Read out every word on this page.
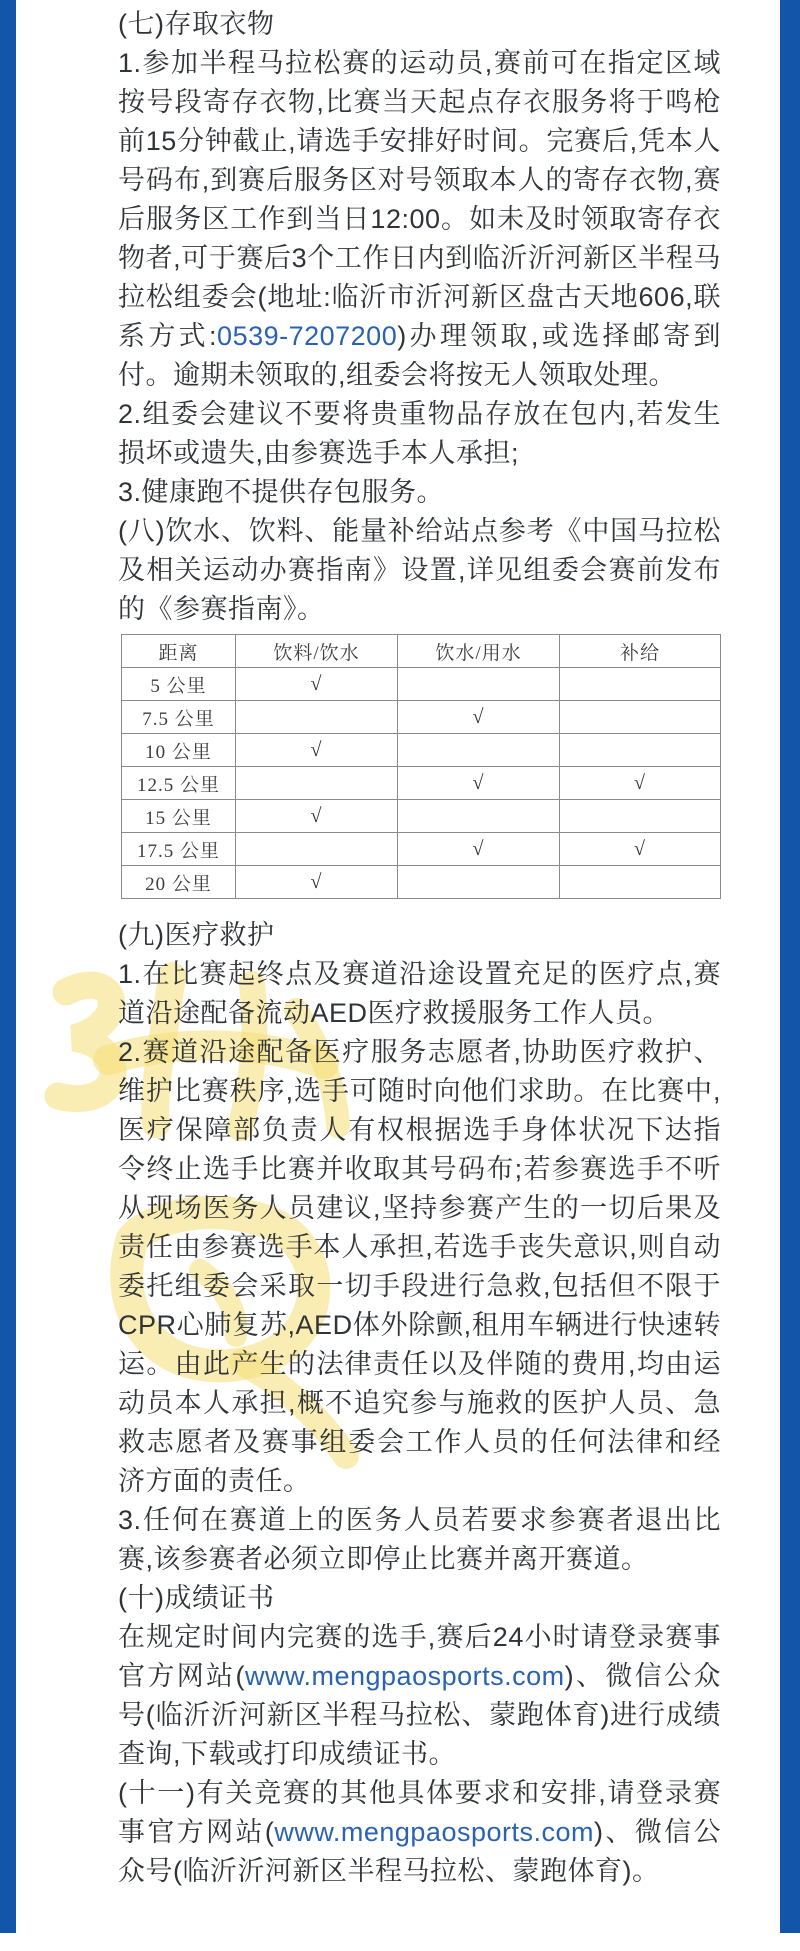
(七)存取衣物

1.参加半程马拉松赛的运动员,赛前可在指定区域按号段寄存衣物,比赛当天起点存衣服务将于鸣枪前15分钟截止,请选手安排好时间。完赛后,凭本人号码布,到赛后服务区对号领取本人的寄存衣物,赛后服务区工作到当日12:00。如未及时领取寄存衣物者,可于赛后3个工作日内到临沂沂河新区半程马拉松组委会(地址:临沂市沂河新区盘古天地606,联系方式:0539-7207200)办理领取,或选择邮寄到付。逾期未领取的,组委会将按无人领取处理。

2.组委会建议不要将贵重物品存放在包内,若发生损坏或遗失,由参赛选手本人承担;

3.健康跑不提供存包服务。

(八)饮水、饮料、能量补给站点参考《中国马拉松及相关运动办赛指南》设置,详见组委会赛前发布的《参赛指南》。

距离	饮料/饮水	饮水/用水	补给
5 公里	√		
7.5 公里		√	
10 公里	√		
12.5 公里		√	√
15 公里	√		
17.5 公里		√	√
20 公里	√		

(九)医疗救护

1.在比赛起终点及赛道沿途设置充足的医疗点,赛道沿途配备流动AED医疗救援服务工作人员。

2.赛道沿途配备医疗服务志愿者,协助医疗救护、维护比赛秩序,选手可随时向他们求助。在比赛中,医疗保障部负责人有权根据选手身体状况下达指令终止选手比赛并收取其号码布;若参赛选手不听从现场医务人员建议,坚持参赛产生的一切后果及责任由参赛选手本人承担,若选手丧失意识,则自动委托组委会采取一切手段进行急救,包括但不限于CPR心肺复苏,AED体外除颤,租用车辆进行快速转运。由此产生的法律责任以及伴随的费用,均由运动员本人承担,概不追究参与施救的医护人员、急救志愿者及赛事组委会工作人员的任何法律和经济方面的责任。

3.任何在赛道上的医务人员若要求参赛者退出比赛,该参赛者必须立即停止比赛并离开赛道。

(十)成绩证书

在规定时间内完赛的选手,赛后24小时请登录赛事官方网站(www.mengpaosports.com)、微信公众号(临沂沂河新区半程马拉松、蒙跑体育)进行成绩查询,下载或打印成绩证书。

(十一)有关竞赛的其他具体要求和安排,请登录赛事官方网站(www.mengpaosports.com)、微信公众号(临沂沂河新区半程马拉松、蒙跑体育)。
